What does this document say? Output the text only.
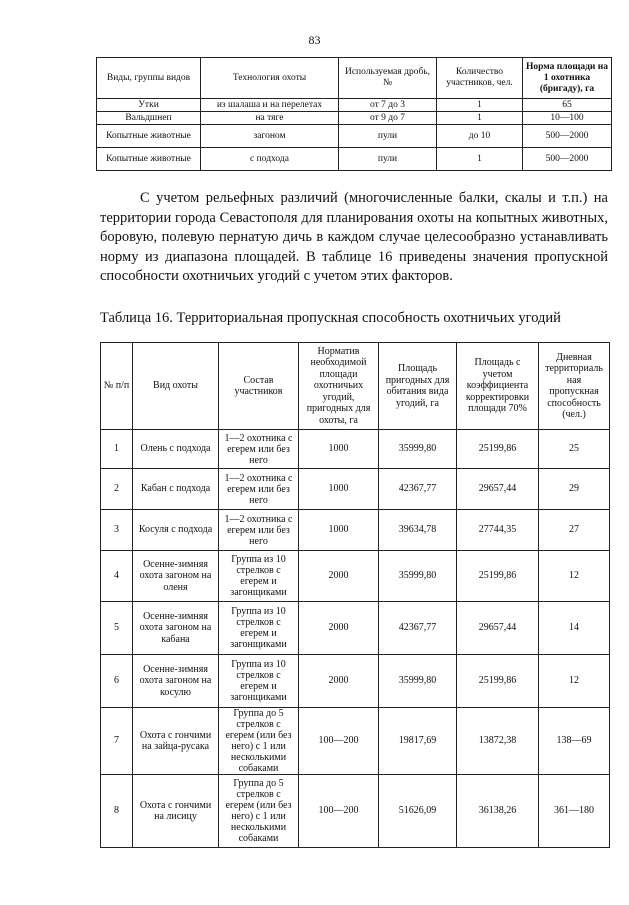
83
Виды, группы видов	Технология охоты	Используемая дробь, №	Количество участников, чел.	Норма площади на 1 охотника (бригаду), га
Утки	из шалаша и на перелетах	от 7 до 3	1	65
Вальдшнеп	на тяге	от 9 до 7	1	10—100
Копытные животные	загоном	пули	до 10	500—2000
Копытные животные	с подхода	пули	1	500—2000

С учетом рельефных различий (многочисленные балки, скалы и т.п.) на территории города Севастополя для планирования охоты на копытных животных, боровую, полевую пернатую дичь в каждом случае целесообразно устанавливать норму из диапазона площадей. В таблице 16 приведены значения пропускной способности охотничьих угодий с учетом этих факторов.

Таблица 16. Территориальная пропускная способность охотничьих угодий
№ п/п	Вид охоты	Состав участников	Норматив необходимой площади охотничьих угодий, пригодных для охоты, га	Площадь пригодных для обитания вида угодий, га	Площадь с учетом коэффициента корректировки площади 70%	Дневная территориаль ная пропускная способность (чел.)
1	Олень с подхода	1—2 охотника с егерем или без него	1000	35999,80	25199,86	25
2	Кабан с подхода	1—2 охотника с егерем или без него	1000	42367,77	29657,44	29
3	Косуля с подхода	1—2 охотника с егерем или без него	1000	39634,78	27744,35	27
4	Осенне-зимняя охота загоном на оленя	Группа из 10 стрелков с егерем и загонщиками	2000	35999,80	25199,86	12
5	Осенне-зимняя охота загоном на кабана	Группа из 10 стрелков с егерем и загонщиками	2000	42367,77	29657,44	14
6	Осенне-зимняя охота загоном на косулю	Группа из 10 стрелков с егерем и загонщиками	2000	35999,80	25199,86	12
7	Охота с гончими на зайца-русака	Группа до 5 стрелков с егерем (или без него) с 1 или несколькими собаками	100—200	19817,69	13872,38	138—69
8	Охота с гончими на лисицу	Группа до 5 стрелков с егерем (или без него) с 1 или несколькими собаками	100—200	51626,09	36138,26	361—180
